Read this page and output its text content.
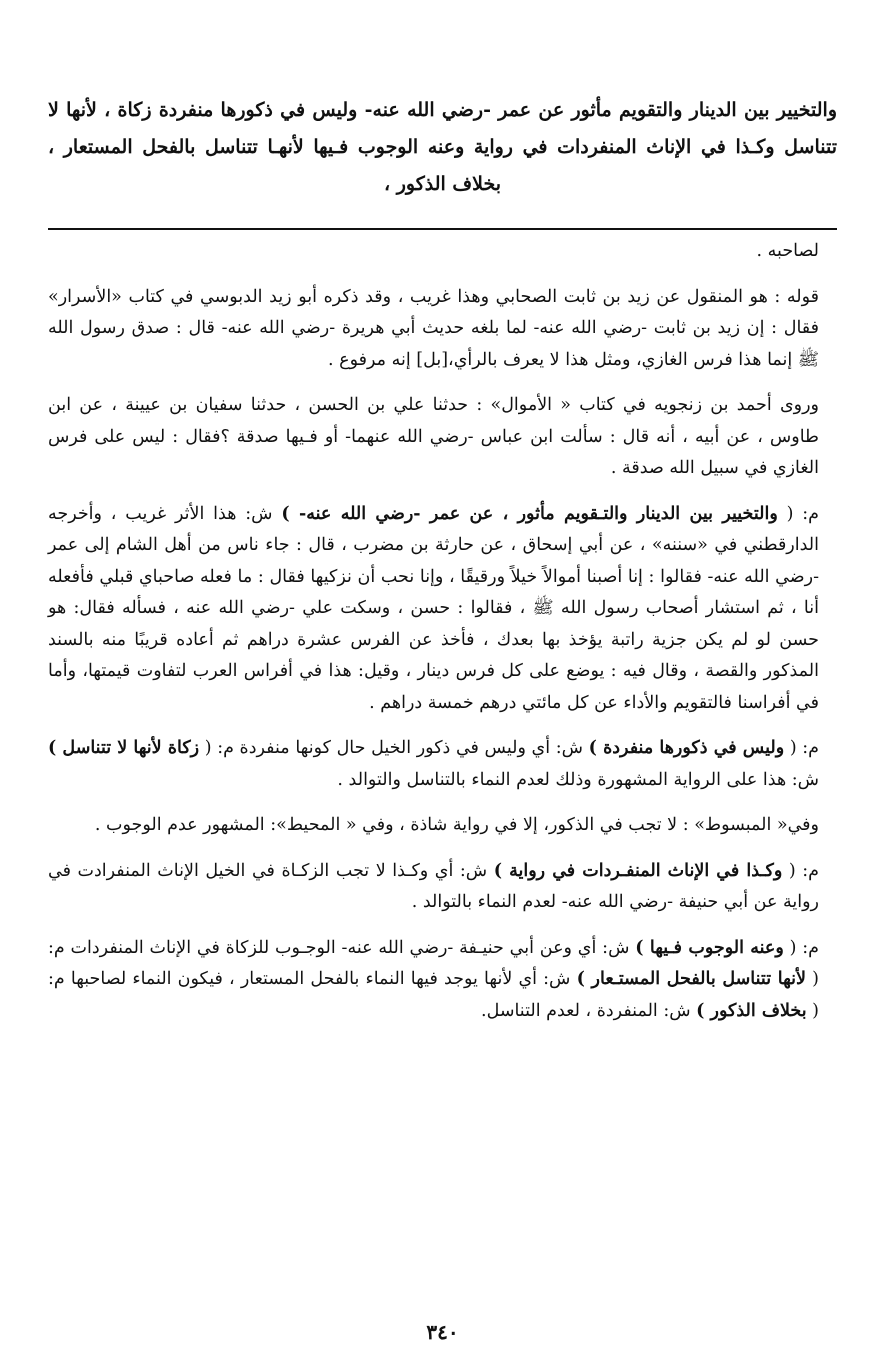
والتخيير بين الدينار والتقويم مأثور عن عمر -رضي الله عنه- وليس في ذكورها منفردة زكاة ، لأنها لا تتناسل وكـذا في الإناث المنفردات في رواية وعنه الوجوب فـيها لأنهـا تتناسل بالفحل المستعار ، بخلاف الذكور ،

لصاحبه .

قوله : هو المنقول عن زيد بن ثابت الصحابي وهذا غريب ، وقد ذكره أبو زيد الدبوسي في كتاب «الأسرار» فقال : إن زيد بن ثابت -رضي الله عنه- لما بلغه حديث أبي هريرة -رضي الله عنه- قال : صدق رسول الله ﷺ إنما هذا فرس الغازي، ومثل هذا لا يعرف بالرأي،[بل] إنه مرفوع .

وروى أحمد بن زنجويه في كتاب « الأموال» : حدثنا علي بن الحسن ، حدثنا سفيان بن عيينة ، عن ابن طاوس ، عن أبيه ، أنه قال : سألت ابن عباس -رضي الله عنهما- أو فـيها صدقة ؟فقال : ليس على فرس الغازي في سبيل الله صدقة .

م: ( والتخيير بين الدينار والتـقويم مأثور ، عن عمر -رضي الله عنه- ) ش: هذا الأثر غريب ، وأخرجه الدارقطني في «سننه» ، عن أبي إسحاق ، عن حارثة بن مضرب ، قال : جاء ناس من أهل الشام إلى عمر -رضي الله عنه- فقالوا : إنا أصبنا أموالاً خيلاً ورقيقًا ، وإنا نحب أن نزكيها فقال : ما فعله صاحباي قبلي فأفعله أنا ، ثم استشار أصحاب رسول الله ﷺ ، فقالوا : حسن ، وسكت علي -رضي الله عنه ، فسأله فقال: هو حسن لو لم يكن جزية راتبة يؤخذ بها بعدك ، فأخذ عن الفرس عشرة دراهم ثم أعاده قريبًا منه بالسند المذكور والقصة ، وقال فيه : يوضع على كل فرس دينار ، وقيل: هذا في أفراس العرب لتفاوت قيمتها، وأما في أفراسنا فالتقويم والأداء عن كل مائتي درهم خمسة دراهم .

م: ( وليس في ذكورها منفردة ) ش: أي وليس في ذكور الخيل حال كونها منفردة م: ( زكاة لأنها لا تتناسل ) ش: هذا على الرواية المشهورة وذلك لعدم النماء بالتناسل والتوالد .

وفي« المبسوط» : لا تجب في الذكور، إلا في رواية شاذة ، وفي « المحيط»: المشهور عدم الوجوب .

م: ( وكـذا في الإناث المنفـردات في رواية ) ش: أي وكـذا لا تجب الزكـاة في الخيل الإناث المنفرادت في رواية عن أبي حنيفة -رضي الله عنه- لعدم النماء بالتوالد .

م: ( وعنه الوجوب فـيها ) ش: أي وعن أبي حنيـفة -رضي الله عنه- الوجـوب للزكاة في الإناث المنفردات م: ( لأنها تتناسل بالفحل المستـعار ) ش: أي لأنها يوجد فيها النماء بالفحل المستعار ، فيكون النماء لصاحبها م: ( بخلاف الذكور ) ش: المنفردة ، لعدم التناسل.

٣٤٠
